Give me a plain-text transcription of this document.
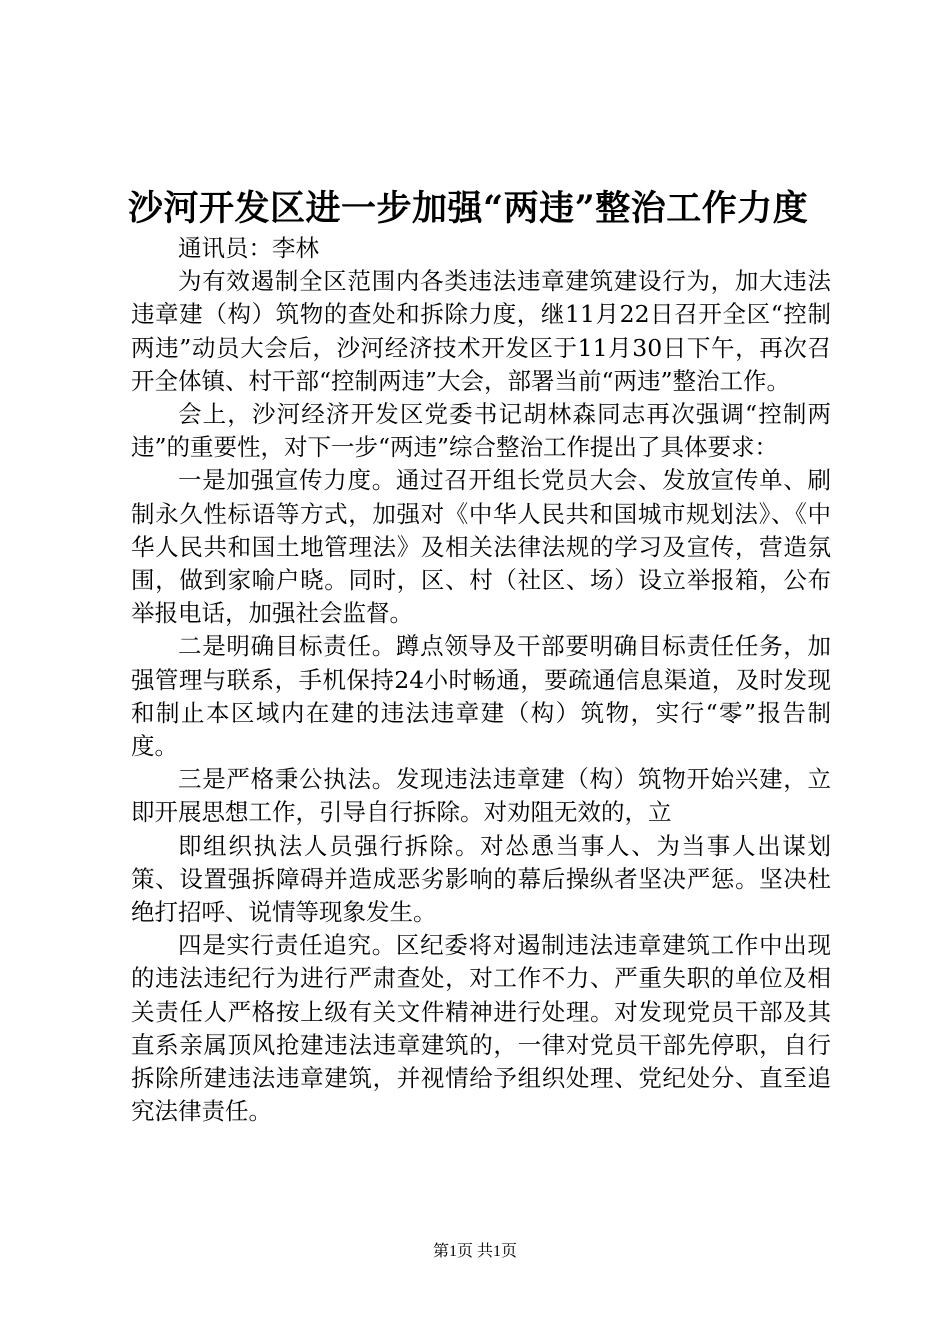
沙河开发区进一步加强“两违”整治工作力度

通讯员：李林

为有效遏制全区范围内各类违法违章建筑建设行为，加大违法违章建（构）筑物的查处和拆除力度，继11月22日召开全区“控制两违”动员大会后，沙河经济技术开发区于11月30日下午，再次召开全体镇、村干部“控制两违”大会，部署当前“两违”整治工作。

会上，沙河经济开发区党委书记胡林森同志再次强调“控制两违”的重要性，对下一步“两违”综合整治工作提出了具体要求：

一是加强宣传力度。通过召开组长党员大会、发放宣传单、刷制永久性标语等方式，加强对《中华人民共和国城市规划法》、《中华人民共和国土地管理法》及相关法律法规的学习及宣传，营造氛围，做到家喻户晓。同时，区、村（社区、场）设立举报箱，公布举报电话，加强社会监督。

二是明确目标责任。蹲点领导及干部要明确目标责任任务，加强管理与联系，手机保持24小时畅通，要疏通信息渠道，及时发现和制止本区域内在建的违法违章建（构）筑物，实行“零”报告制度。

三是严格秉公执法。发现违法违章建（构）筑物开始兴建，立即开展思想工作，引导自行拆除。对劝阻无效的，立

即组织执法人员强行拆除。对怂恿当事人、为当事人出谋划策、设置强拆障碍并造成恶劣影响的幕后操纵者坚决严惩。坚决杜绝打招呼、说情等现象发生。

四是实行责任追究。区纪委将对遏制违法违章建筑工作中出现的违法违纪行为进行严肃查处，对工作不力、严重失职的单位及相关责任人严格按上级有关文件精神进行处理。对发现党员干部及其直系亲属顶风抢建违法违章建筑的，一律对党员干部先停职，自行拆除所建违法违章建筑，并视情给予组织处理、党纪处分、直至追究法律责任。

第1页 共1页
